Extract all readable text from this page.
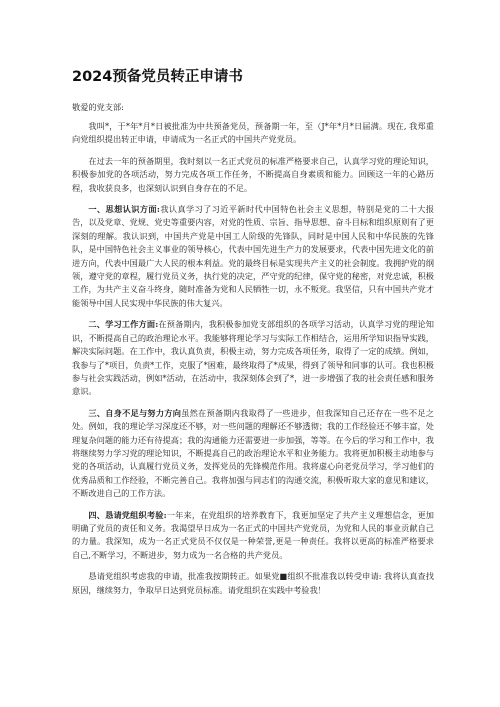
2024预备党员转正申请书

敬爱的党支部:

我叫*，于*年*月*日被批准为中共预备党员，预备期一年，至（J*年*月*日届满。现在, 我郑重向党组织提出转正申请，申请成为一名正式的中国共产党党员。

在过去一年的预备期里，我时刻以一名正式党员的标准严格要求自己，认真学习党的理论知识，积极参加党的各项活动，努力完成各项工作任务，不断提高自身素质和能力。回顾这一年的心路历程，我收获良多，也深刻认识到自身存在的不足。

一、思想认识方面:我认真学习了习近平新时代中国特色社会主义思想，特别是党的二十大报告，以及党章、党规、党史等重要内容，对党的性质、宗旨、指导思想、奋斗目标和组织原则有了更深刻的理解。我认识到，中国共产党是中国工人阶级的先锋队，同时是中国人民和中华民族的先锋队，是中国特色社会主义事业的领导核心，代表中国先进生产力的发展要求，代表中国先进文化的前进方向，代表中国最广大人民的根本利益。党的最终目标是实现共产主义的社会制度。我拥护党的纲领，遵守党的章程，履行党员义务，执行党的决定，严守党的纪律，保守党的秘密，对党忠诚，积极工作，为共产主义奋斗终身，随时准备为党和人民牺牲一切，永不叛党。我坚信，只有中国共产党才能领导中国人民实现中华民族的伟大复兴。

二、学习工作方面:在预备期内，我积极参加党支部组织的各项学习活动，认真学习党的理论知识，不断提高自己的政治理论水平。我能够将理论学习与实际工作相结合，运用所学知识指导实践，解决实际问题。在工作中，我认真负责，积极主动，努力完成各项任务，取得了一定的成绩。例如，我参与了*项目，负责*工作，克服了*困难，最终取得了*成果，得到了领导和同事的认可。我也积极参与社会实践活动，例如*活动，在活动中，我深刻体会到了*，进一步增强了我的社会责任感和服务意识。

三、自身不足与努力方向虽然在预备期内我取得了一些进步，但我深知自己还存在一些不足之处。例如，我的理论学习深度还不够，对一些问题的理解还不够透彻；我的工作经验还不够丰富，处理复杂问题的能力还有待提高；我的沟通能力还需要进一步加强，等等。在今后的学习和工作中，我将继续努力学习党的理论知识，不断提高自己的政治理论水平和业务能力。我将更加积极主动地参与党的各项活动，认真履行党员义务，发挥党员的先锋模范作用。我将虚心向老党员学习，学习他们的优秀品质和工作经验，不断完善自己。我将加强与同志们的沟通交流，积极听取大家的意见和建议，不断改进自己的工作方法。

四、恳请党组织考验:一年来，在党组织的培养教育下，我更加坚定了共产主义理想信念，更加明确了党员的责任和义务。我渴望早日成为一名正式的中国共产党党员，为党和人民的事业贡献自己的力量。我深知，成为一名正式党员不仅仅是一种荣誉,更是一种责任。我将以更高的标准严格要求自己,不断学习，不断进步，努力成为一名合格的共产党员。

恳请党组织考虑我的申请，批准我按期转正。如果党■组织不批准我以转受申请: 我将认真查找原因，继续努力，争取早日达到党员标准。请党组织在实践中考验我！
